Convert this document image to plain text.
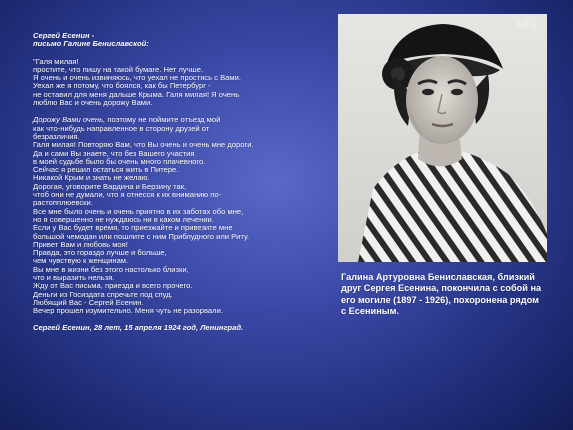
Сергей Есенин -
письмо Галине Бениславской:
"Галя милая!
простите, что пишу на такой бумаге. Нет лучше.
Я очень и очень извиняюсь, что уехал не простясь с Вами.
Уехал же я потому, что боялся, как бы Петербург -
не оставил для меня дальше Крыма. Галя милая! Я очень
люблю Вас и очень дорожу Вами.
Дорожу Вами очень, поэтому не поймите отъезд мой
как что-нибудь направленное в сторону друзей от
безразличия.
Галя милая! Повторяю Вам, что Вы очень и очень мне дороги.
Да и сами Вы знаете, что без Вашего участия
в моей судьбе было бы очень много плачевного.
Сейчас я решил остаться жить в Питере.
Никакой Крым и знать не желаю.
Дорогая, уговорите Вардина и Берзину так,
чтоб они не думали, что я отнесся к их вниманию по-
растопплюевски.
Все мне было очень и очень приятно в их заботах обо мне,
но я совершенно не нуждаюсь ни в каком лечении.
Если у Вас будет время, то приезжайте и привезите мне
большой чемодан или пошлите с ним Приблудного или Риту.
Привет Вам и любовь моя!
Правда, это гораздо лучше и больше,
чем чувствую к женщинам.
Вы мне в жизни без этого настолько близки,
что и выразить нельзя.
Жду от Вас письма, приезда и всего прочего.
Деньги из Госиздата спречьте под спуд.
Любящий Вас - Сергей Есенин.
Вечер прошел изумительно. Меня чуть не разорвали.
Сергей Есенин, 28 лет, 15 апреля 1924 год, Ленинград.
tat-s
Галина Артуровна Бениславская, близкий друг Сергея Есенина, покончила с собой на его могиле (1897 - 1926), похоронена рядом с Есениным.
